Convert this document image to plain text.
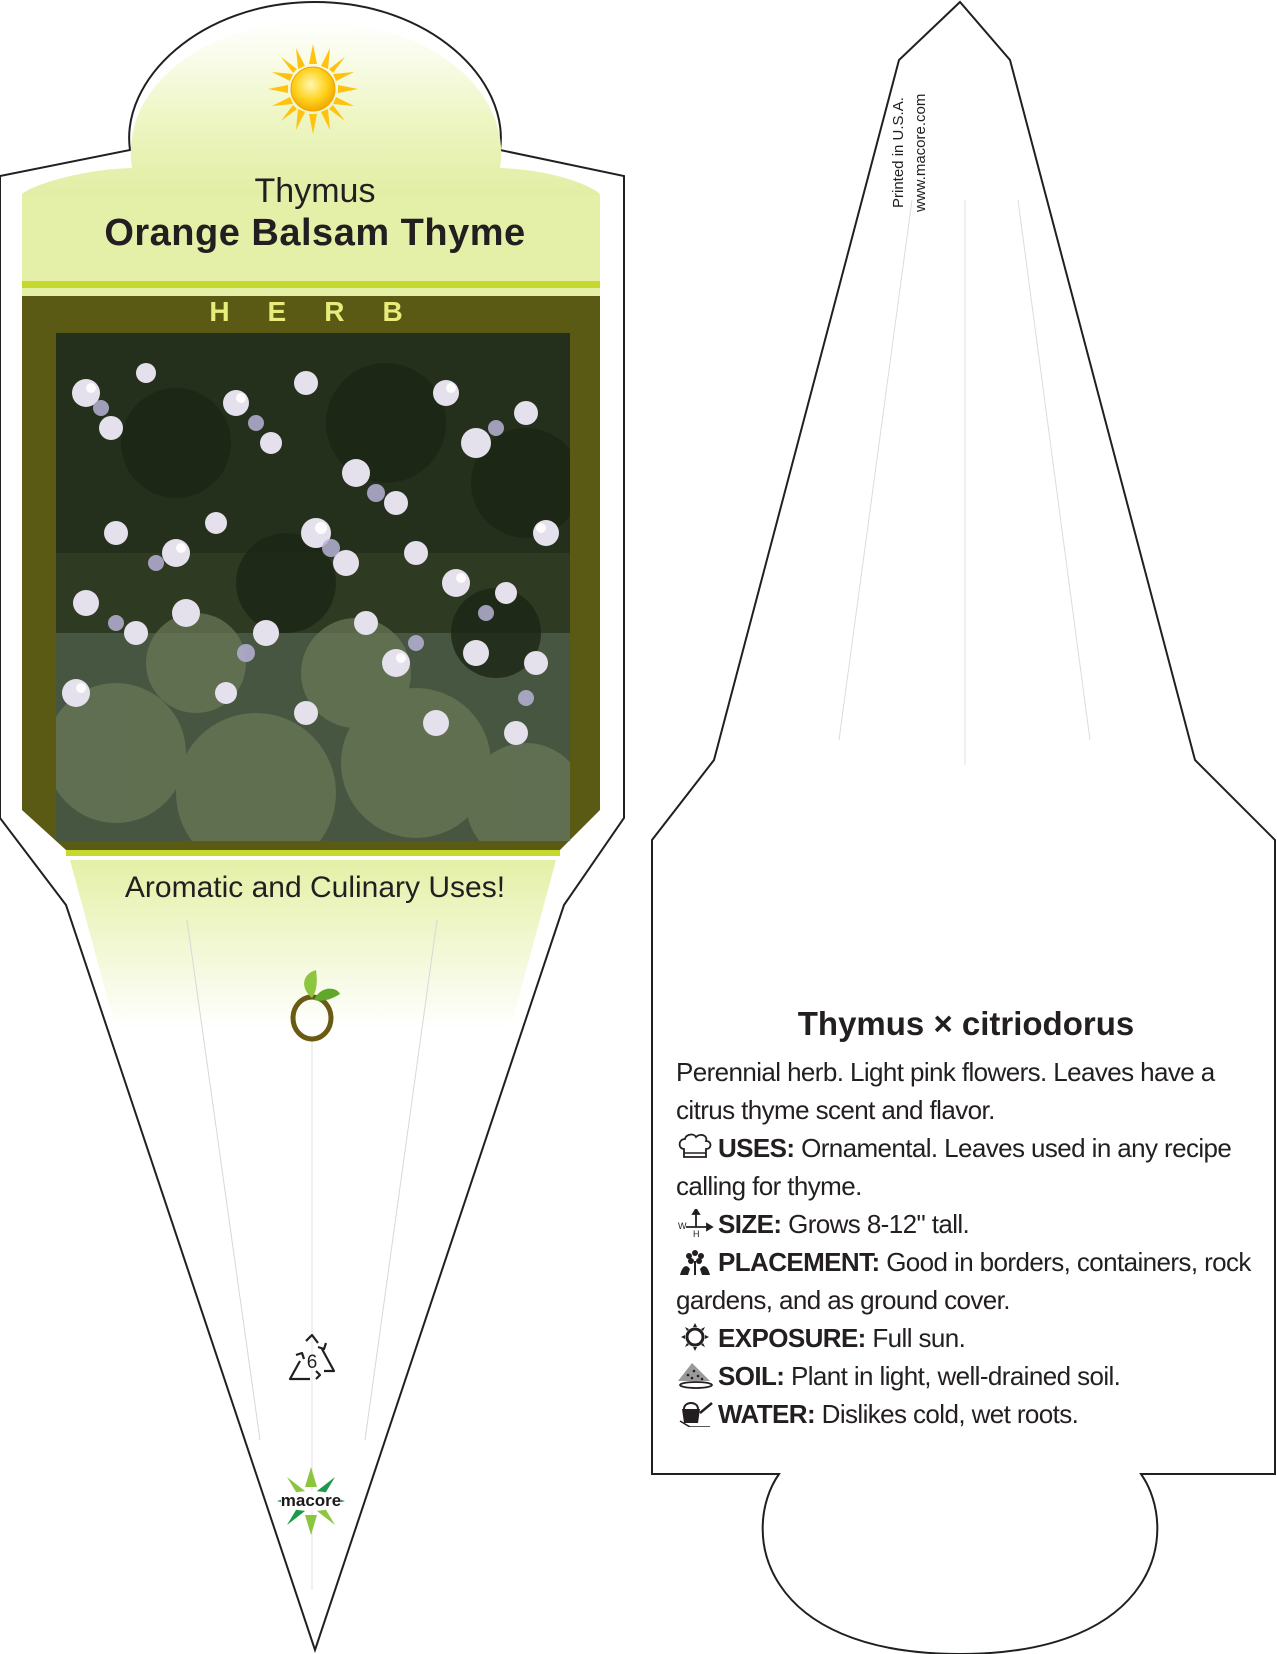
Thymus
Orange Balsam Thyme
HERB
Aromatic and Culinary Uses!
6
macore
Printed in U.S.A. www.macore.com
Thymus × citriodorus

Perennial herb. Light pink flowers. Leaves have a citrus thyme scent and flavor.
USES: Ornamental. Leaves used in any recipe calling for thyme.
W
H SIZE: Grows 8-12" tall.
PLACEMENT: Good in borders, containers, rock gardens, and as ground cover.
EXPOSURE: Full sun.
SOIL: Plant in light, well-drained soil.
WATER: Dislikes cold, wet roots.
